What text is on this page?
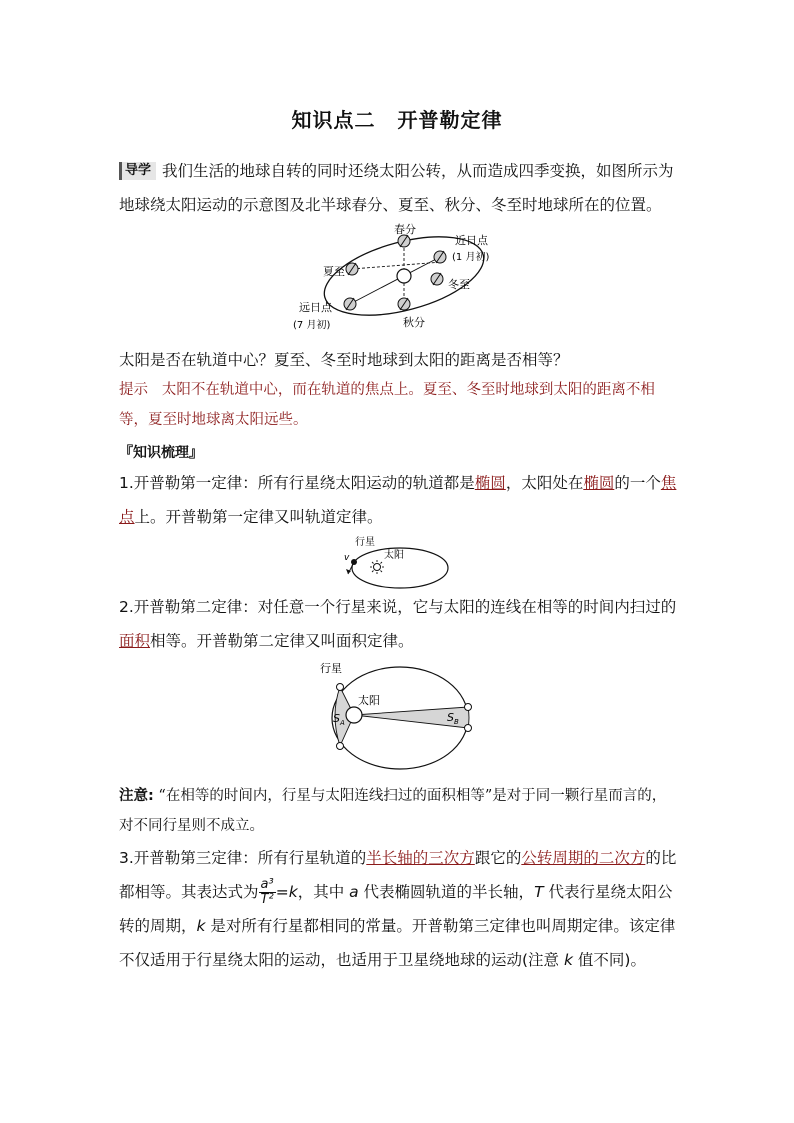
知识点二 开普勒定律
导学 我们生活的地球自转的同时还绕太阳公转，从而造成四季变换，如图所示为地球绕太阳运动的示意图及北半球春分、夏至、秋分、冬至时地球所在的位置。
春分
近日点
(1 月初)
冬至
夏至
远日点
(7 月初)	秋分
太阳是否在轨道中心？夏至、冬至时地球到太阳的距离是否相等？
提示 太阳不在轨道中心，而在轨道的焦点上。夏至、冬至时地球到太阳的距离不相等，夏至时地球离太阳远些。
『知识梳理』
1.开普勒第一定律：所有行星绕太阳运动的轨道都是椭圆，太阳处在椭圆的一个焦点上。开普勒第一定律又叫轨道定律。
行星
太阳
v
2.开普勒第二定律：对任意一个行星来说，它与太阳的连线在相等的时间内扫过的面积相等。开普勒第二定律又叫面积定律。
行星
太阳
$S_A$	$S_B$
注意: “在相等的时间内，行星与太阳连线扫过的面积相等”是对于同一颗行星而言的，对不同行星则不成立。
3.开普勒第三定律：所有行星轨道的半长轴的三次方跟它的公转周期的二次方的比都相等。其表达式为 $\frac{\text{a³}}{\text{T²}} =k$，其中 a 代表椭圆轨道的半长轴，T 代表行星绕太阳公转的周期，k 是对所有行星都相同的常量。开普勒第三定律也叫周期定律。该定律不仅适用于行星绕太阳的运动，也适用于卫星绕地球的运动(注意 k 值不同)。
